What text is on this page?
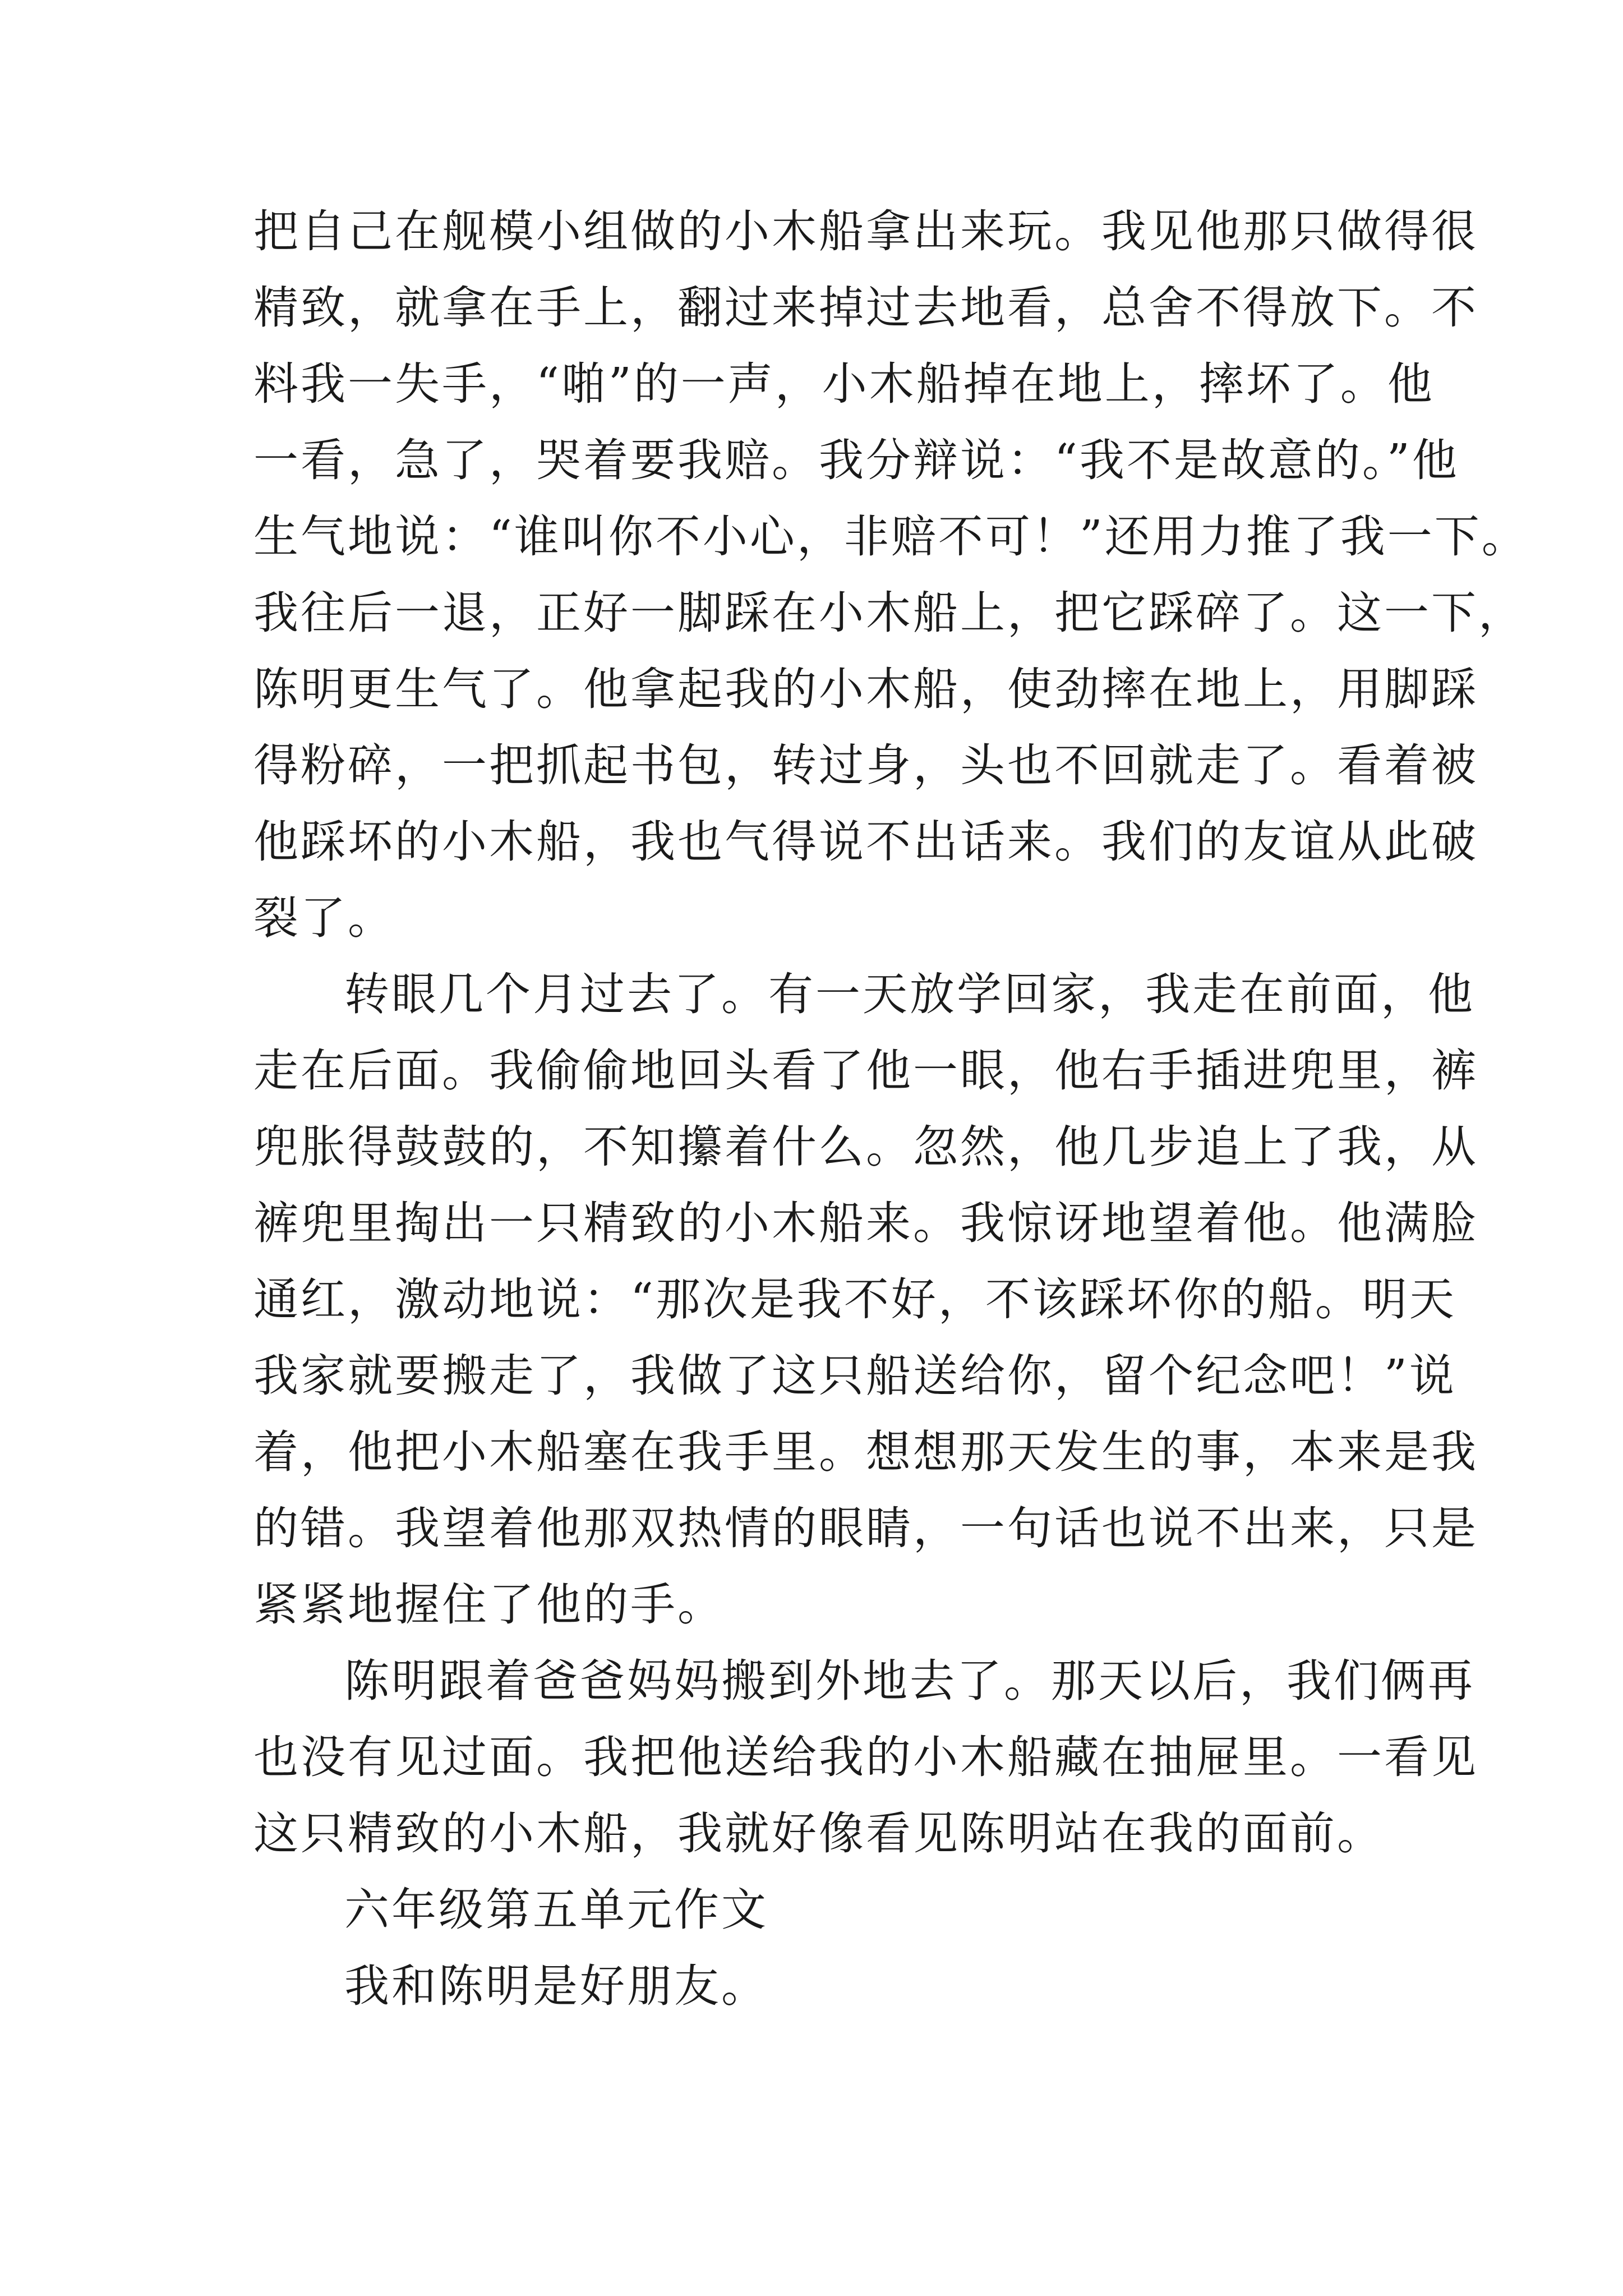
把自己在舰模小组做的小木船拿出来玩。我见他那只做得很
精致，就拿在手上，翻过来掉过去地看，总舍不得放下。不
料我一失手，“啪”的一声，小木船掉在地上，摔坏了。他
一看，急了，哭着要我赔。我分辩说：“我不是故意的。”他
生气地说：“谁叫你不小心，非赔不可！”还用力推了我一下。
我往后一退，正好一脚踩在小木船上，把它踩碎了。这一下，
陈明更生气了。他拿起我的小木船，使劲摔在地上，用脚踩
得粉碎，一把抓起书包，转过身，头也不回就走了。看着被
他踩坏的小木船，我也气得说不出话来。我们的友谊从此破
裂了。

转眼几个月过去了。有一天放学回家，我走在前面，他
走在后面。我偷偷地回头看了他一眼，他右手插进兜里，裤
兜胀得鼓鼓的，不知攥着什么。忽然，他几步追上了我，从
裤兜里掏出一只精致的小木船来。我惊讶地望着他。他满脸
通红，激动地说：“那次是我不好，不该踩坏你的船。明天
我家就要搬走了，我做了这只船送给你，留个纪念吧！”说
着，他把小木船塞在我手里。想想那天发生的事，本来是我
的错。我望着他那双热情的眼睛，一句话也说不出来，只是
紧紧地握住了他的手。

陈明跟着爸爸妈妈搬到外地去了。那天以后，我们俩再
也没有见过面。我把他送给我的小木船藏在抽屉里。一看见
这只精致的小木船，我就好像看见陈明站在我的面前。

六年级第五单元作文

我和陈明是好朋友。
